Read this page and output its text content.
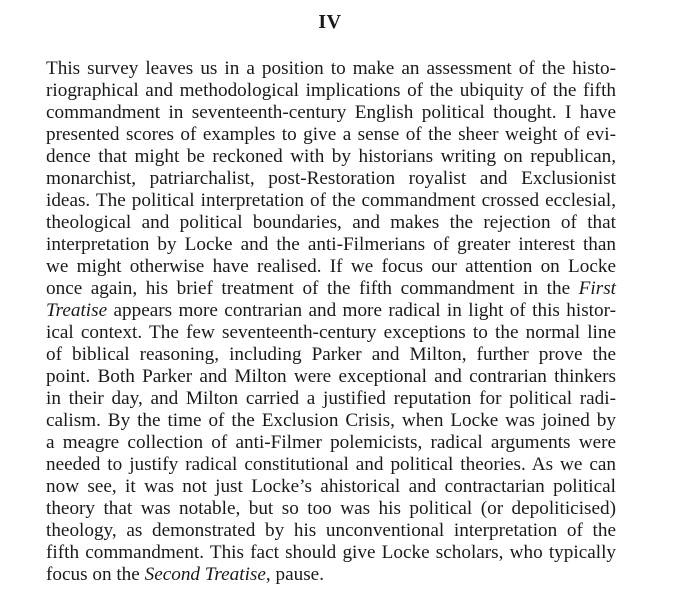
IV
This survey leaves us in a position to make an assessment of the histo-
riographical and methodological implications of the ubiquity of the fifth
commandment in seventeenth-century English political thought. I have
presented scores of examples to give a sense of the sheer weight of evi-
dence that might be reckoned with by historians writing on republican,
monarchist, patriarchalist, post-Restoration royalist and Exclusionist
ideas. The political interpretation of the commandment crossed ecclesial,
theological and political boundaries, and makes the rejection of that
interpretation by Locke and the anti-Filmerians of greater interest than
we might otherwise have realised. If we focus our attention on Locke
once again, his brief treatment of the fifth commandment in the First
Treatise appears more contrarian and more radical in light of this histor-
ical context. The few seventeenth-century exceptions to the normal line
of biblical reasoning, including Parker and Milton, further prove the
point. Both Parker and Milton were exceptional and contrarian thinkers
in their day, and Milton carried a justified reputation for political radi-
calism. By the time of the Exclusion Crisis, when Locke was joined by
a meagre collection of anti-Filmer polemicists, radical arguments were
needed to justify radical constitutional and political theories. As we can
now see, it was not just Locke’s ahistorical and contractarian political
theory that was notable, but so too was his political (or depoliticised)
theology, as demonstrated by his unconventional interpretation of the
fifth commandment. This fact should give Locke scholars, who typically
focus on the Second Treatise, pause.
